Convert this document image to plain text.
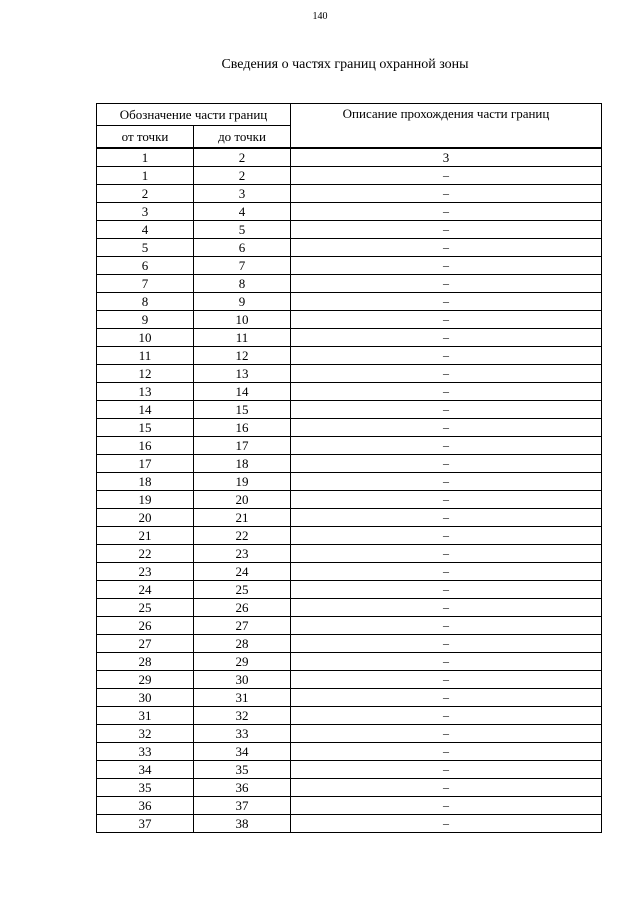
140
Сведения о частях границ охранной зоны
Обозначение части границ		Описание прохождения части границ
от точки	до точки	
1	2	3
1	2	–
2	3	–
3	4	–
4	5	–
5	6	–
6	7	–
7	8	–
8	9	–
9	10	–
10	11	–
11	12	–
12	13	–
13	14	–
14	15	–
15	16	–
16	17	–
17	18	–
18	19	–
19	20	–
20	21	–
21	22	–
22	23	–
23	24	–
24	25	–
25	26	–
26	27	–
27	28	–
28	29	–
29	30	–
30	31	–
31	32	–
32	33	–
33	34	–
34	35	–
35	36	–
36	37	–
37	38	–
